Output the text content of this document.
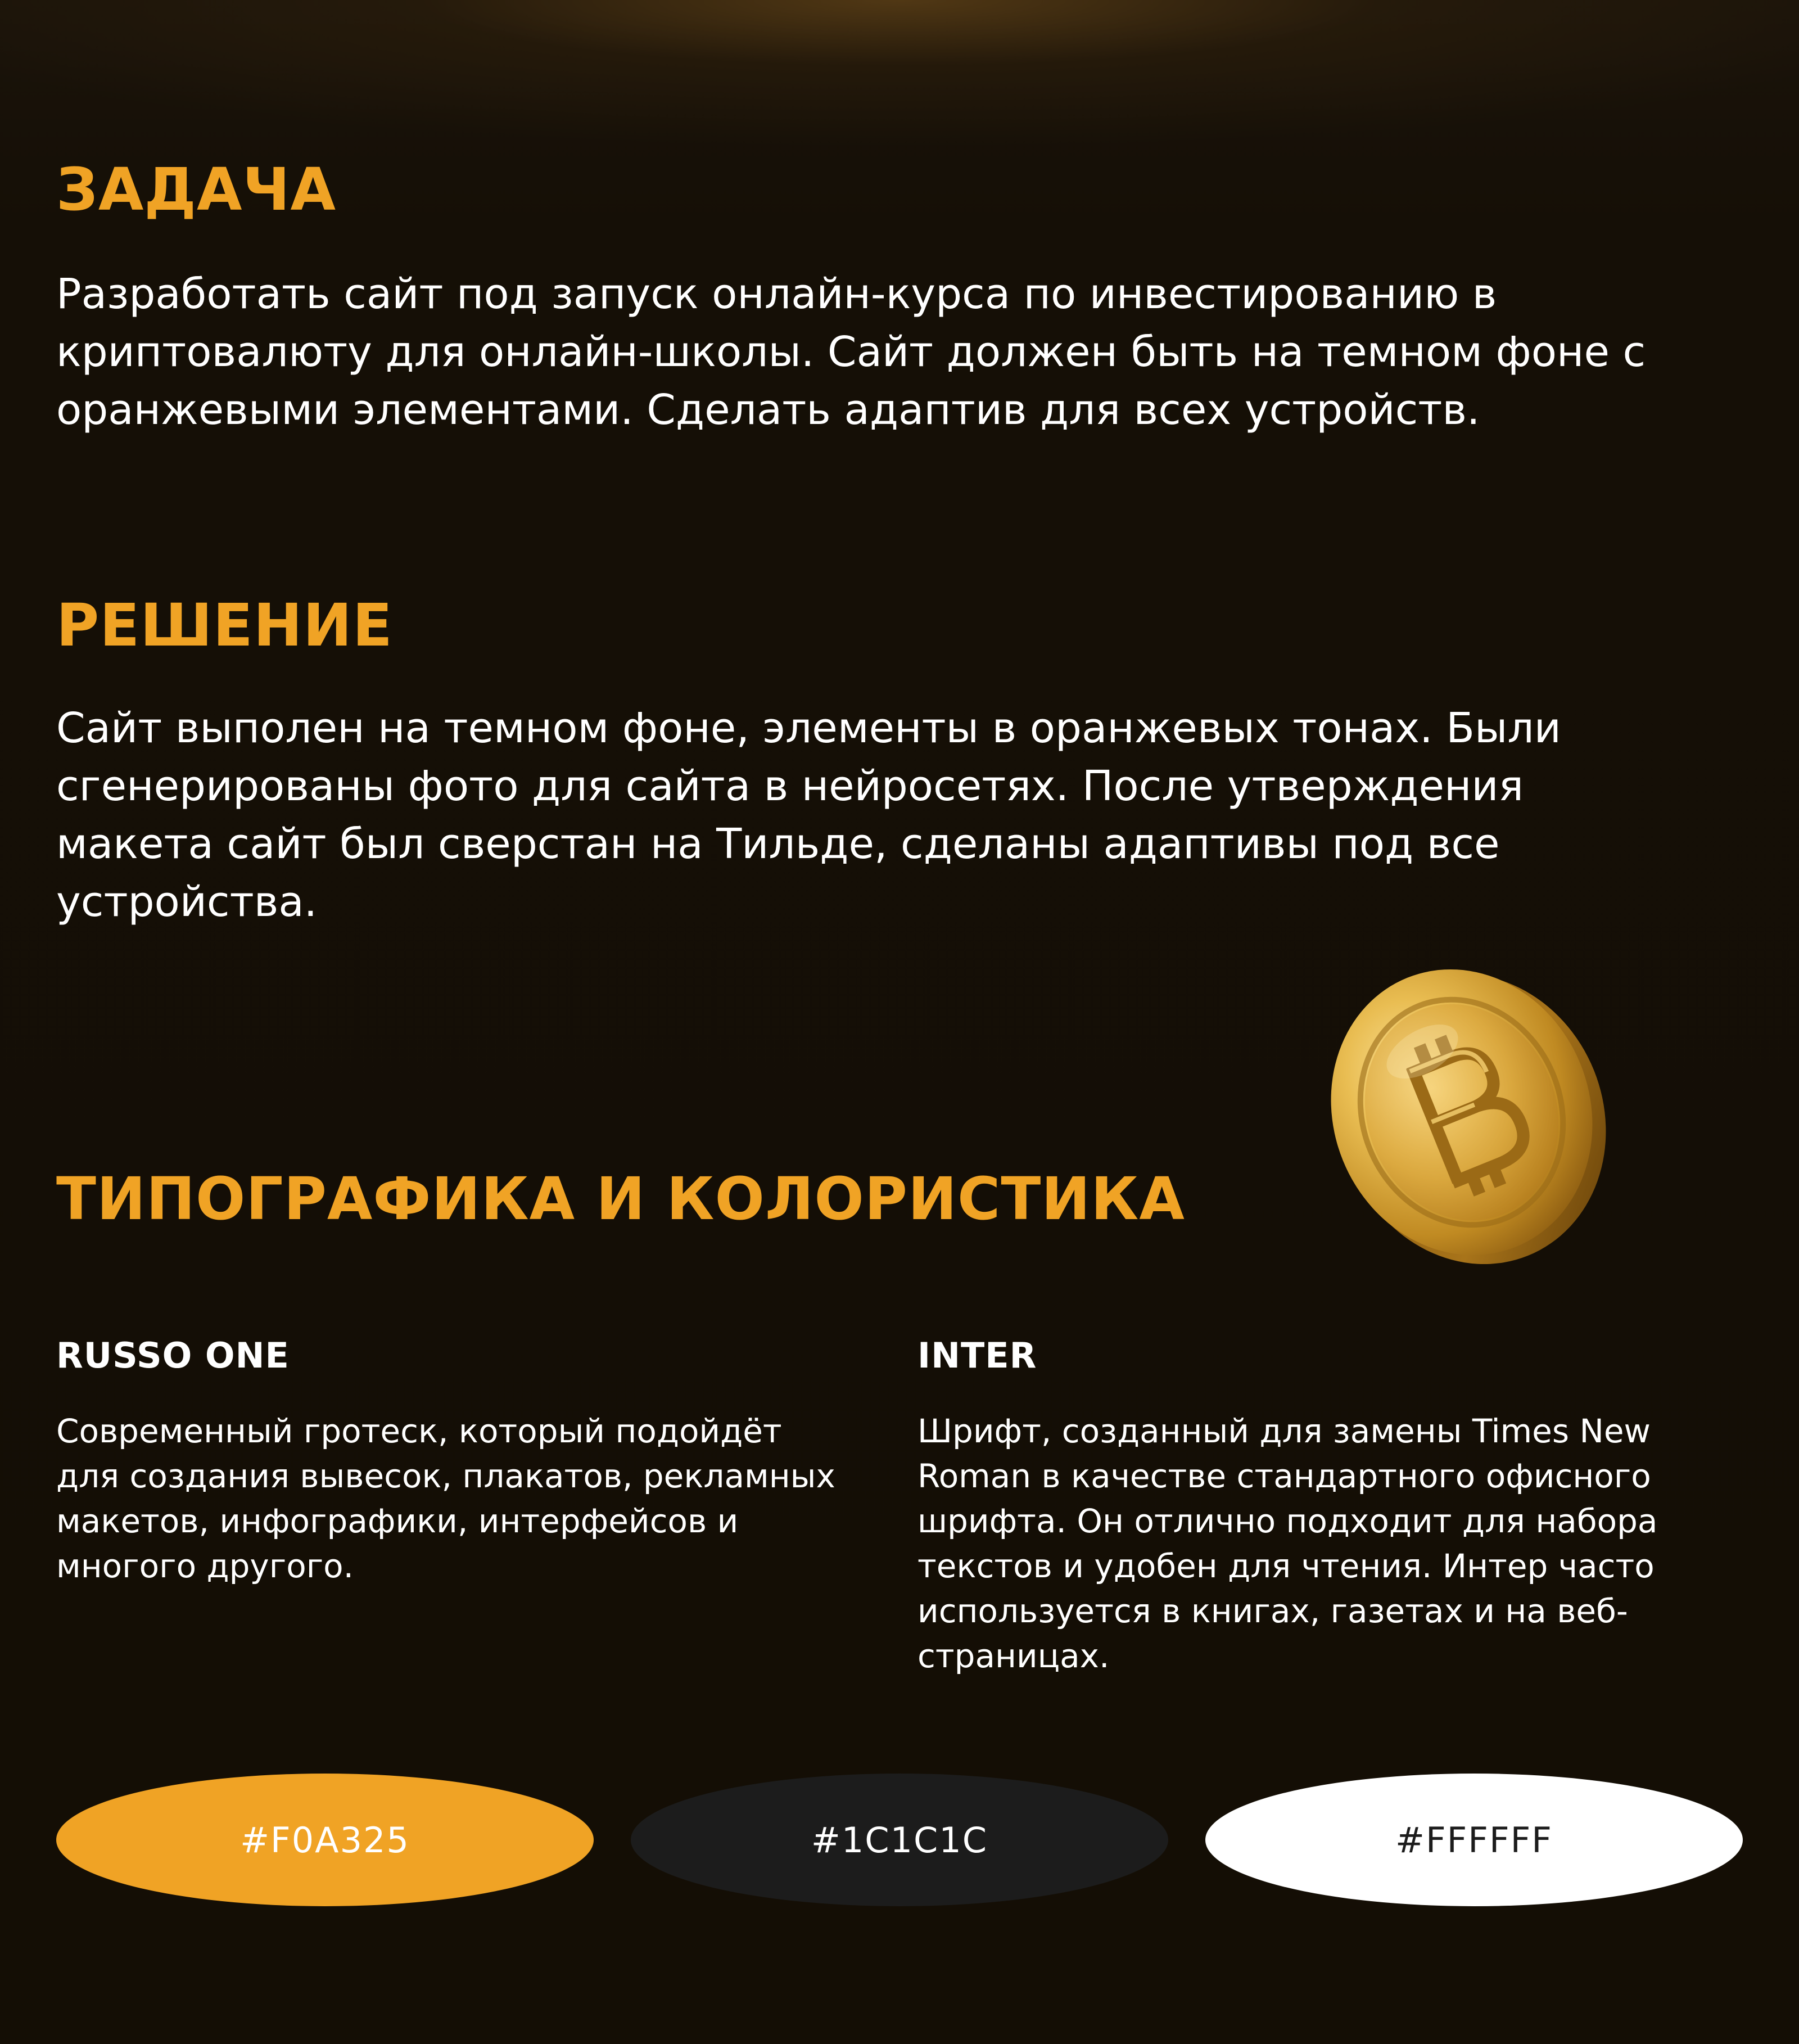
ЗАДАЧА

Разработать сайт под запуск онлайн-курса по инвестированию в криптовалюту для онлайн-школы. Сайт должен быть на темном фоне с оранжевыми элементами. Сделать адаптив для всех устройств.

РЕШЕНИЕ

Сайт выполен на темном фоне, элементы в оранжевых тонах. Были сгенерированы фото для сайта в нейросетях. После утверждения макета сайт был сверстан на Тильде, сделаны адаптивы под все устройства.

ТИПОГРАФИКА И КОЛОРИСТИКА
RUSSO ONE

Современный гротеск, который подойдёт для создания вывесок, плакатов, рекламных макетов, инфографики, интерфейсов и многого другого.

INTER

Шрифт, созданный для замены Times New Roman в качестве стандартного офисного шрифта. Он отлично подходит для набора текстов и удобен для чтения. Интер часто используется в книгах, газетах и на веб-страницах.

#F0A325	#1C1C1C	#FFFFFF
